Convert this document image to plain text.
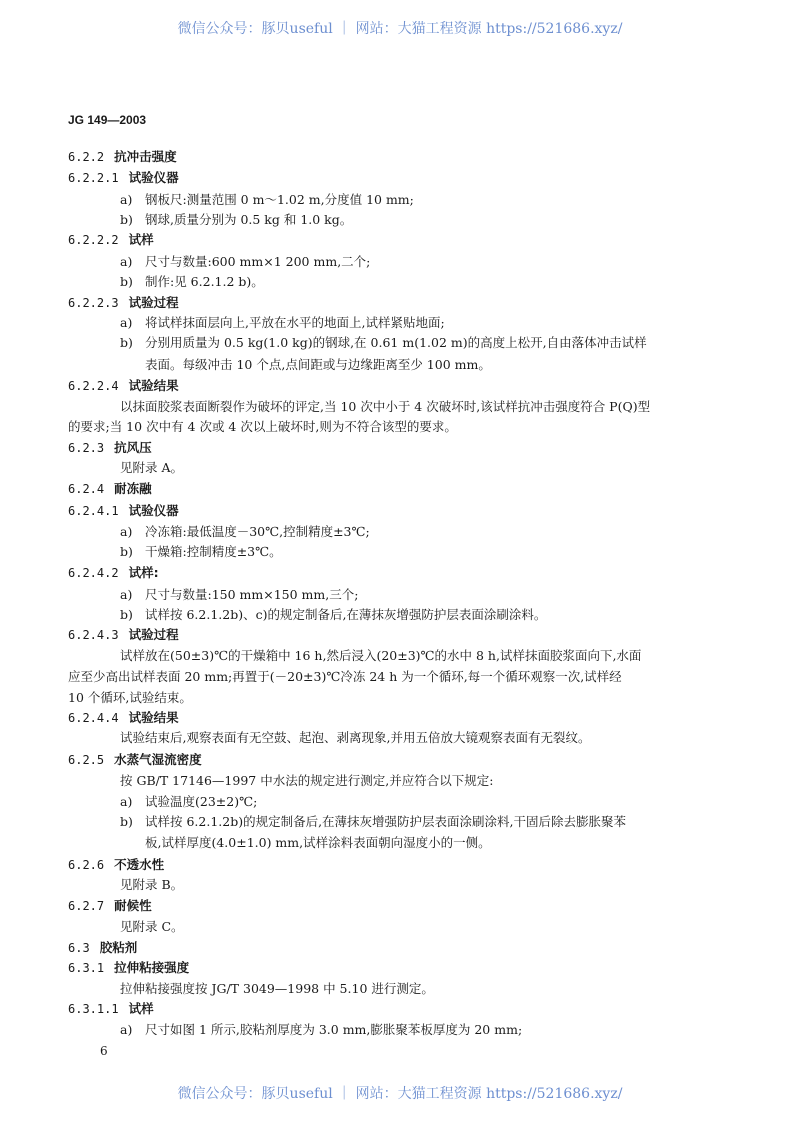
微信公众号：豚贝useful ｜ 网站：大猫工程资源 https://521686.xyz/
JG 149—2003
6.2.2 抗冲击强度
6.2.2.1 试验仪器
a) 钢板尺:测量范围 0 m～1.02 m,分度值 10 mm;
b) 钢球,质量分别为 0.5 kg 和 1.0 kg。
6.2.2.2 试样
a) 尺寸与数量:600 mm×1 200 mm,二个;
b) 制作:见 6.2.1.2 b)。
6.2.2.3 试验过程
a) 将试样抹面层向上,平放在水平的地面上,试样紧贴地面;
b) 分别用质量为 0.5 kg(1.0 kg)的钢球,在 0.61 m(1.02 m)的高度上松开,自由落体冲击试样
表面。每级冲击 10 个点,点间距或与边缘距离至少 100 mm。
6.2.2.4 试验结果
以抹面胶浆表面断裂作为破坏的评定,当 10 次中小于 4 次破坏时,该试样抗冲击强度符合 P(Q)型
的要求;当 10 次中有 4 次或 4 次以上破坏时,则为不符合该型的要求。
6.2.3 抗风压
见附录 A。
6.2.4 耐冻融
6.2.4.1 试验仪器
a) 冷冻箱:最低温度－30℃,控制精度±3℃;
b) 干燥箱:控制精度±3℃。
6.2.4.2 试样:
a) 尺寸与数量:150 mm×150 mm,三个;
b) 试样按 6.2.1.2b)、c)的规定制备后,在薄抹灰增强防护层表面涂刷涂料。
6.2.4.3 试验过程
试样放在(50±3)℃的干燥箱中 16 h,然后浸入(20±3)℃的水中 8 h,试样抹面胶浆面向下,水面
应至少高出试样表面 20 mm;再置于(－20±3)℃冷冻 24 h 为一个循环,每一个循环观察一次,试样经
10 个循环,试验结束。
6.2.4.4 试验结果
试验结束后,观察表面有无空鼓、起泡、剥离现象,并用五倍放大镜观察表面有无裂纹。
6.2.5 水蒸气湿流密度
按 GB/T 17146—1997 中水法的规定进行测定,并应符合以下规定:
a) 试验温度(23±2)℃;
b) 试样按 6.2.1.2b)的规定制备后,在薄抹灰增强防护层表面涂刷涂料,干固后除去膨胀聚苯
板,试样厚度(4.0±1.0) mm,试样涂料表面朝向湿度小的一侧。
6.2.6 不透水性
见附录 B。
6.2.7 耐候性
见附录 C。
6.3 胶粘剂
6.3.1 拉伸粘接强度
拉伸粘接强度按 JG/T 3049—1998 中 5.10 进行测定。
6.3.1.1 试样
a) 尺寸如图 1 所示,胶粘剂厚度为 3.0 mm,膨胀聚苯板厚度为 20 mm;
6
微信公众号：豚贝useful ｜ 网站：大猫工程资源 https://521686.xyz/
